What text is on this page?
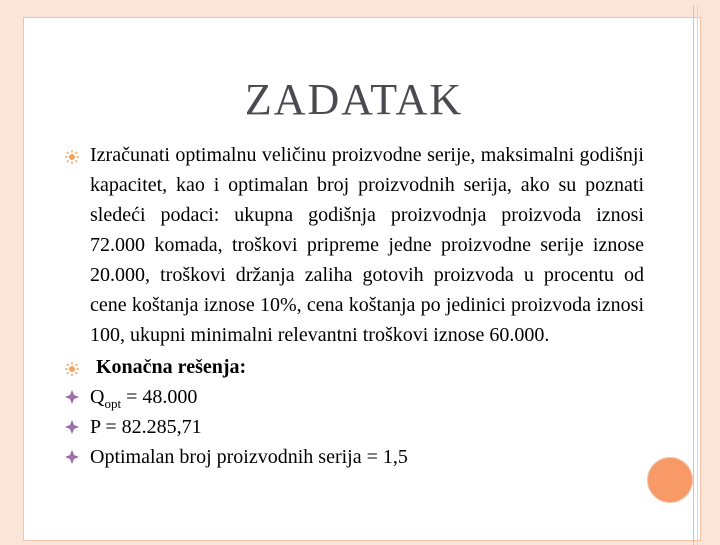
ZADATAK
Izračunati optimalnu veličinu proizvodne serije, maksimalni godišnji kapacitet, kao i optimalan broj proizvodnih serija, ako su poznati sledeći podaci: ukupna godišnja proizvodnja proizvoda iznosi 72.000 komada, troškovi pripreme jedne proizvodne serije iznose 20.000, troškovi držanja zaliha gotovih proizvoda u procentu od cene koštanja iznose 10%, cena koštanja po jedinici proizvoda iznosi 100, ukupni minimalni relevantni troškovi iznose 60.000.
Konačna rešenja:
$Q_{opt} = 48.000$
P = 82.285,71
Optimalan broj proizvodnih serija = 1,5
